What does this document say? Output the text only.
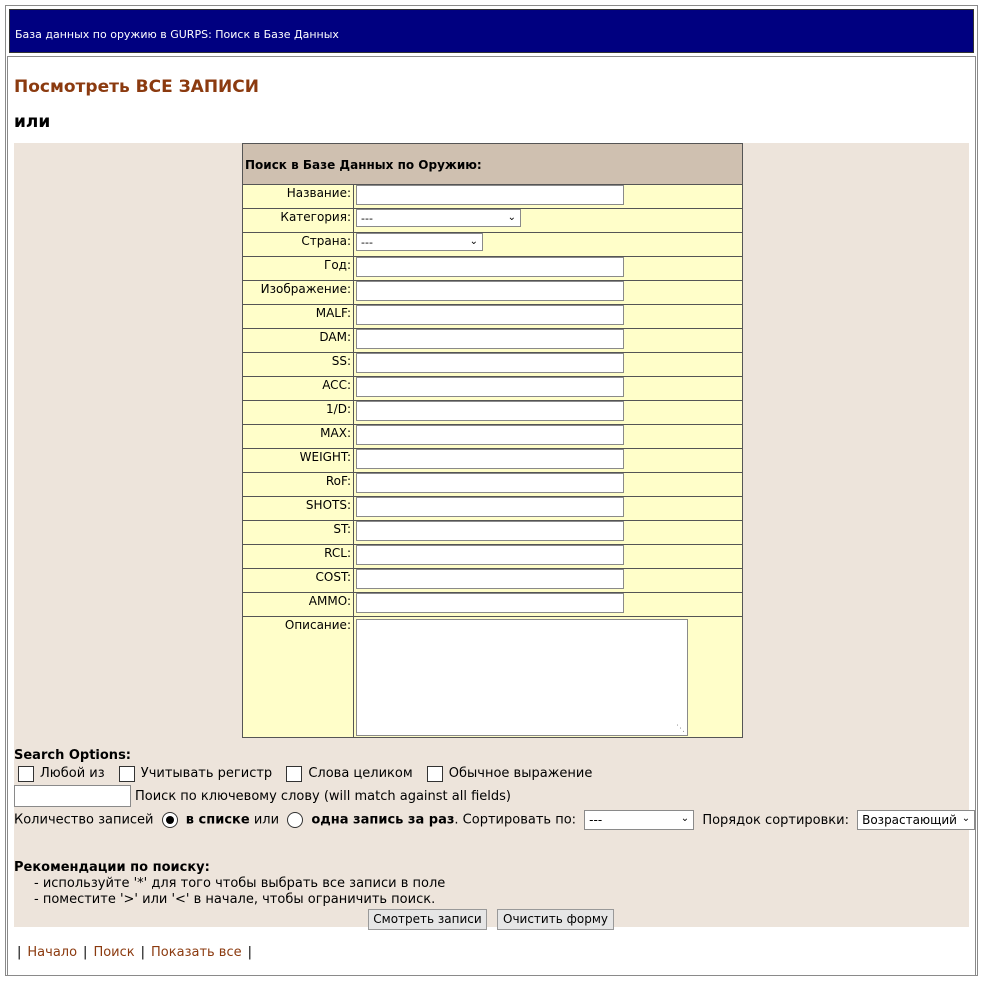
База данных по оружию в GURPS: Поиск в Базе Данных
Посмотреть ВСЕ ЗАПИСИ
или
Поиск в Базе Данных по Оружию:
Название:
Категория: ---	⌄
Страна: ---	⌄
Год:
Изображение:
MALF:
DAM:
SS:
ACC:
1/D:
MAX:
WEIGHT:
RoF:
SHOTS:
ST:
RCL:
COST:
AMMO:
Описание:
⋱
Search Options:
Любой из	Учитывать регистр	Слова целиком	Обычное выражение
Поиск по ключевому слову (will match against all fields)
Количество записей в списке или одна запись за раз. Сортировать по: ---	⌄ Порядок сортировки: Возрастающий ⌄
Рекомендации по поиску:
- используйте '*' для того чтобы выбрать все записи в поле
- поместите '>' или '<' в начале, чтобы ограничить поиск.
Смотреть записи	Очистить форму
| Начало | Поиск | Показать все |
